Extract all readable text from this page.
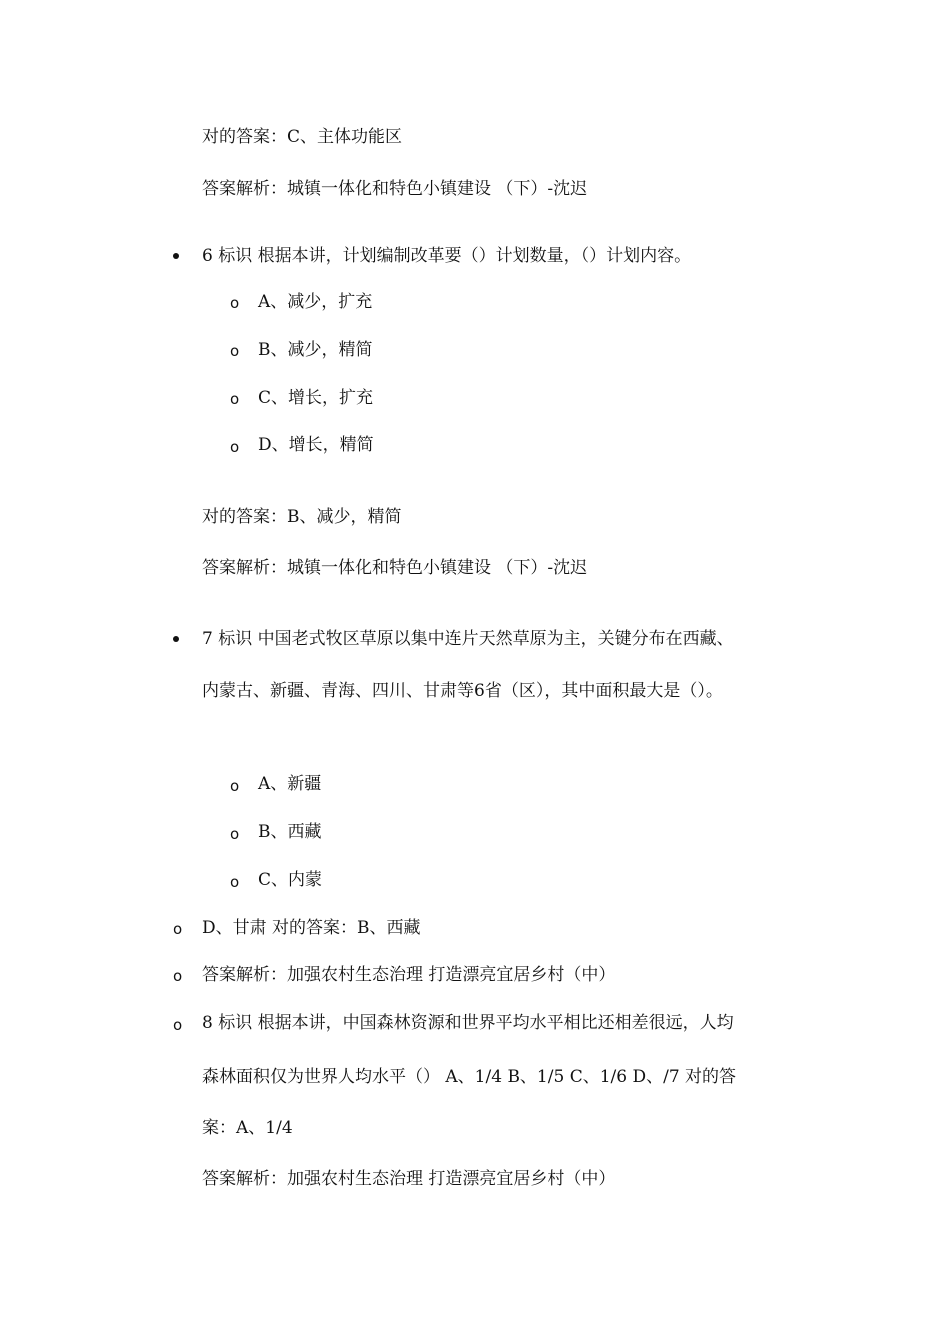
对的答案：C、主体功能区
答案解析：城镇一体化和特色小镇建设 （下）-沈迟
6 标识 根据本讲，计划编制改革要（）计划数量，（）计划内容。
o A、减少，扩充
o B、减少，精简
o C、增长，扩充
o D、增长，精简
对的答案：B、减少，精简
答案解析：城镇一体化和特色小镇建设 （下）-沈迟
7 标识 中国老式牧区草原以集中连片天然草原为主，关键分布在西藏、
内蒙古、新疆、青海、四川、甘肃等6省（区），其中面积最大是（）。
o A、新疆
o B、西藏
o C、内蒙
o D、甘肃 对的答案：B、西藏
o 答案解析：加强农村生态治理 打造漂亮宜居乡村（中）
o 8 标识 根据本讲，中国森林资源和世界平均水平相比还相差很远，人均
森林面积仅为世界人均水平（） A、1/4 B、1/5 C、1/6 D、/7 对的答
案：A、1/4
答案解析：加强农村生态治理 打造漂亮宜居乡村（中）
